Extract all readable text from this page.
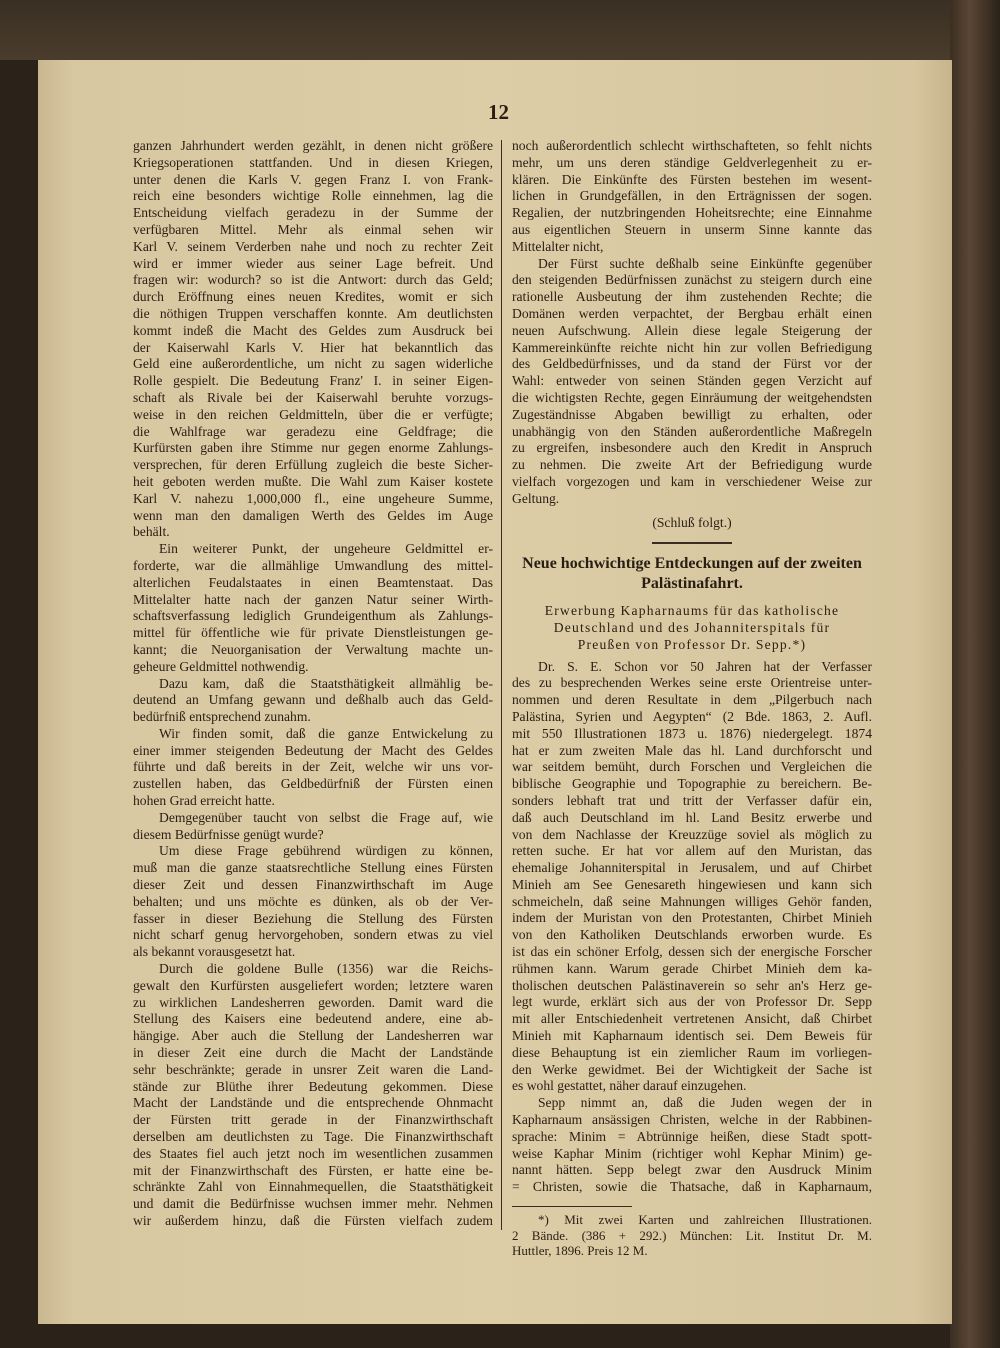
12
ganzen Jahrhundert werden gezählt, in denen nicht größere
Kriegsoperationen stattfanden. Und in diesen Kriegen,
unter denen die Karls V. gegen Franz I. von Frank-
reich eine besonders wichtige Rolle einnehmen, lag die
Entscheidung vielfach geradezu in der Summe der
verfügbaren Mittel. Mehr als einmal sehen wir
Karl V. seinem Verderben nahe und noch zu rechter Zeit
wird er immer wieder aus seiner Lage befreit. Und
fragen wir: wodurch? so ist die Antwort: durch das Geld;
durch Eröffnung eines neuen Kredites, womit er sich
die nöthigen Truppen verschaffen konnte. Am deutlichsten
kommt indeß die Macht des Geldes zum Ausdruck bei
der Kaiserwahl Karls V. Hier hat bekanntlich das
Geld eine außerordentliche, um nicht zu sagen widerliche
Rolle gespielt. Die Bedeutung Franz' I. in seiner Eigen-
schaft als Rivale bei der Kaiserwahl beruhte vorzugs-
weise in den reichen Geldmitteln, über die er verfügte;
die Wahlfrage war geradezu eine Geldfrage; die
Kurfürsten gaben ihre Stimme nur gegen enorme Zahlungs-
versprechen, für deren Erfüllung zugleich die beste Sicher-
heit geboten werden mußte. Die Wahl zum Kaiser kostete
Karl V. nahezu 1,000,000 fl., eine ungeheure Summe,
wenn man den damaligen Werth des Geldes im Auge
behält.
Ein weiterer Punkt, der ungeheure Geldmittel er-
forderte, war die allmählige Umwandlung des mittel-
alterlichen Feudalstaates in einen Beamtenstaat. Das
Mittelalter hatte nach der ganzen Natur seiner Wirth-
schaftsverfassung lediglich Grundeigenthum als Zahlungs-
mittel für öffentliche wie für private Dienstleistungen ge-
kannt; die Neuorganisation der Verwaltung machte un-
geheure Geldmittel nothwendig.
Dazu kam, daß die Staatsthätigkeit allmählig be-
deutend an Umfang gewann und deßhalb auch das Geld-
bedürfniß entsprechend zunahm.
Wir finden somit, daß die ganze Entwickelung zu
einer immer steigenden Bedeutung der Macht des Geldes
führte und daß bereits in der Zeit, welche wir uns vor-
zustellen haben, das Geldbedürfniß der Fürsten einen
hohen Grad erreicht hatte.
Demgegenüber taucht von selbst die Frage auf, wie
diesem Bedürfnisse genügt wurde?
Um diese Frage gebührend würdigen zu können,
muß man die ganze staatsrechtliche Stellung eines Fürsten
dieser Zeit und dessen Finanzwirthschaft im Auge
behalten; und uns möchte es dünken, als ob der Ver-
fasser in dieser Beziehung die Stellung des Fürsten
nicht scharf genug hervorgehoben, sondern etwas zu viel
als bekannt vorausgesetzt hat.
Durch die goldene Bulle (1356) war die Reichs-
gewalt den Kurfürsten ausgeliefert worden; letztere waren
zu wirklichen Landesherren geworden. Damit ward die
Stellung des Kaisers eine bedeutend andere, eine ab-
hängige. Aber auch die Stellung der Landesherren war
in dieser Zeit eine durch die Macht der Landstände
sehr beschränkte; gerade in unsrer Zeit waren die Land-
stände zur Blüthe ihrer Bedeutung gekommen. Diese
Macht der Landstände und die entsprechende Ohnmacht
der Fürsten tritt gerade in der Finanzwirthschaft
derselben am deutlichsten zu Tage. Die Finanzwirthschaft
des Staates fiel auch jetzt noch im wesentlichen zusammen
mit der Finanzwirthschaft des Fürsten, er hatte eine be-
schränkte Zahl von Einnahmequellen, die Staatsthätigkeit
und damit die Bedürfnisse wuchsen immer mehr. Nehmen
wir außerdem hinzu, daß die Fürsten vielfach zudem
noch außerordentlich schlecht wirthschafteten, so fehlt nichts
mehr, um uns deren ständige Geldverlegenheit zu er-
klären. Die Einkünfte des Fürsten bestehen im wesent-
lichen in Grundgefällen, in den Erträgnissen der sogen.
Regalien, der nutzbringenden Hoheitsrechte; eine Einnahme
aus eigentlichen Steuern in unserm Sinne kannte das
Mittelalter nicht,
Der Fürst suchte deßhalb seine Einkünfte gegenüber
den steigenden Bedürfnissen zunächst zu steigern durch eine
rationelle Ausbeutung der ihm zustehenden Rechte; die
Domänen werden verpachtet, der Bergbau erhält einen
neuen Aufschwung. Allein diese legale Steigerung der
Kammereinkünfte reichte nicht hin zur vollen Befriedigung
des Geldbedürfnisses, und da stand der Fürst vor der
Wahl: entweder von seinen Ständen gegen Verzicht auf
die wichtigsten Rechte, gegen Einräumung der weitgehendsten
Zugeständnisse Abgaben bewilligt zu erhalten, oder
unabhängig von den Ständen außerordentliche Maßregeln
zu ergreifen, insbesondere auch den Kredit in Anspruch
zu nehmen. Die zweite Art der Befriedigung wurde
vielfach vorgezogen und kam in verschiedener Weise zur
Geltung.
(Schluß folgt.)
Neue hochwichtige Entdeckungen auf der zweiten
Palästinafahrt.
Erwerbung Kapharnaums für das katholische
Deutschland und des Johanniterspitals für
Preußen von Professor Dr. Sepp.*)
Dr. S. E. Schon vor 50 Jahren hat der Verfasser
des zu besprechenden Werkes seine erste Orientreise unter-
nommen und deren Resultate in dem „Pilgerbuch nach
Palästina, Syrien und Aegypten“ (2 Bde. 1863, 2. Aufl.
mit 550 Illustrationen 1873 u. 1876) niedergelegt. 1874
hat er zum zweiten Male das hl. Land durchforscht und
war seitdem bemüht, durch Forschen und Vergleichen die
biblische Geographie und Topographie zu bereichern. Be-
sonders lebhaft trat und tritt der Verfasser dafür ein,
daß auch Deutschland im hl. Land Besitz erwerbe und
von dem Nachlasse der Kreuzzüge soviel als möglich zu
retten suche. Er hat vor allem auf den Muristan, das
ehemalige Johanniterspital in Jerusalem, und auf Chirbet
Minieh am See Genesareth hingewiesen und kann sich
schmeicheln, daß seine Mahnungen williges Gehör fanden,
indem der Muristan von den Protestanten, Chirbet Minieh
von den Katholiken Deutschlands erworben wurde. Es
ist das ein schöner Erfolg, dessen sich der energische Forscher
rühmen kann. Warum gerade Chirbet Minieh dem ka-
tholischen deutschen Palästinaverein so sehr an's Herz ge-
legt wurde, erklärt sich aus der von Professor Dr. Sepp
mit aller Entschiedenheit vertretenen Ansicht, daß Chirbet
Minieh mit Kapharnaum identisch sei. Dem Beweis für
diese Behauptung ist ein ziemlicher Raum im vorliegen-
den Werke gewidmet. Bei der Wichtigkeit der Sache ist
es wohl gestattet, näher darauf einzugehen.
Sepp nimmt an, daß die Juden wegen der in
Kapharnaum ansässigen Christen, welche in der Rabbinen-
sprache: Minim = Abtrünnige heißen, diese Stadt spott-
weise Kaphar Minim (richtiger wohl Kephar Minim) ge-
nannt hätten. Sepp belegt zwar den Ausdruck Minim
= Christen, sowie die Thatsache, daß in Kapharnaum,
*) Mit zwei Karten und zahlreichen Illustrationen.
2 Bände. (386 + 292.) München: Lit. Institut Dr. M.
Huttler, 1896. Preis 12 M.
